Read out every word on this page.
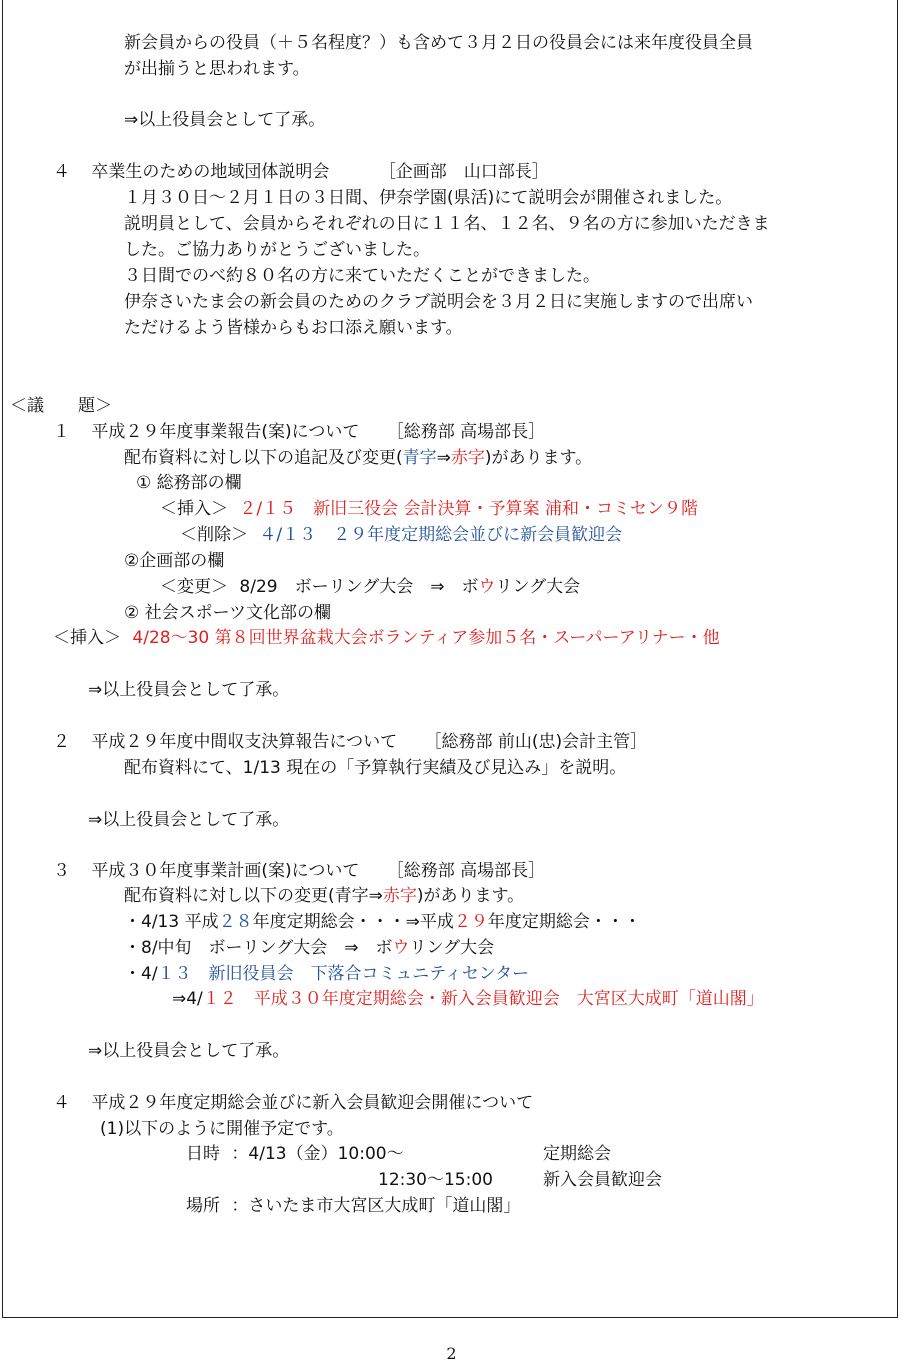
新会員からの役員（＋５名程度？）も含めて３月２日の役員会には来年度役員全員
が出揃うと思われます。
⇒以上役員会として了承。
４ 卒業生のための地域団体説明会	［企画部　山口部長］
１月３０日～２月１日の３日間、伊奈学園(県活)にて説明会が開催されました。
説明員として、会員からそれぞれの日に１１名、１２名、９名の方に参加いただきま
した。ご協力ありがとうございました。
３日間でのべ約８０名の方に来ていただくことができました。
伊奈さいたま会の新会員のためのクラブ説明会を３月２日に実施しますので出席い
ただけるよう皆様からもお口添え願います。
＜議　　題＞
１ 平成２９年度事業報告(案)について ［総務部 高場部長］
配布資料に対し以下の追記及び変更(青字⇒赤字)があります。
① 総務部の欄
＜挿入＞ ２/１５　新旧三役会 会計決算・予算案 浦和・コミセン９階
＜削除＞ ４/１３　２９年度定期総会並びに新会員歓迎会
②企画部の欄
＜変更＞ 8/29　ボーリング大会　⇒　ボウリング大会
② 社会スポーツ文化部の欄
＜挿入＞ 4/28～30 第８回世界盆栽大会ボランティア参加５名・スーパーアリナー・他
⇒以上役員会として了承。
２ 平成２９年度中間収支決算報告について ［総務部 前山(忠)会計主管］
配布資料にて、1/13 現在の「予算執行実績及び見込み」を説明。
⇒以上役員会として了承。
３ 平成３０年度事業計画(案)について ［総務部 高場部長］
配布資料に対し以下の変更(青字⇒赤字)があります。
・4/13 平成２８年度定期総会・・・⇒平成２９年度定期総会・・・
・8/中旬　ボーリング大会　⇒　ボウリング大会
・4/１３　新旧役員会　下落合コミュニティセンター
⇒4/１２　平成３０年度定期総会・新入会員歓迎会　大宮区大成町「道山閣」
⇒以上役員会として了承。
４ 平成２９年度定期総会並びに新入会員歓迎会開催について
(1)以下のように開催予定です。
日時 ：4/13（金）10:00～	定期総会
12:30～15:00	新入会員歓迎会
場所 ：さいたま市大宮区大成町「道山閣」
2
